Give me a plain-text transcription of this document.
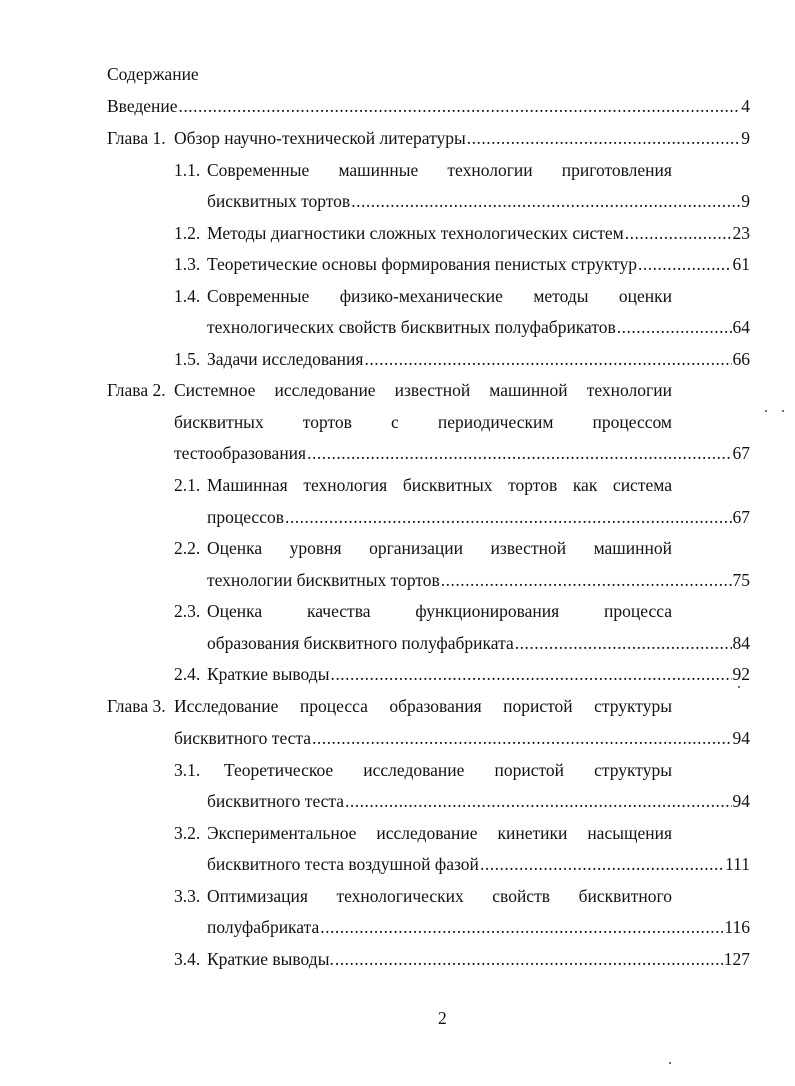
Содержание
Введение .....	4
Глава 1. Обзор научно-технической литературы .....	9
1.1. Современные машинные технологии приготовления
бисквитных тортов .....	9
1.2. Методы диагностики сложных технологических систем .....	23
1.3. Теоретические основы формирования пенистых структур .....	61
1.4. Современные физико-механические методы оценки
технологических свойств бисквитных полуфабрикатов .....	64
1.5. Задачи исследования .....	66
Глава 2. Системное исследование известной машинной технологии
бисквитных тортов с периодическим процессом
тестообразования .....	67
2.1. Машинная технология бисквитных тортов как система
процессов .....	67
2.2. Оценка уровня организации известной машинной
технологии бисквитных тортов .....	75
2.3. Оценка	качества	функционирования	процесса
образования бисквитного полуфабриката .....	84
2.4. Краткие выводы .....	92
Глава 3. Исследование процесса образования пористой структуры
бисквитного теста .....	94
3.1. Теоретическое исследование пористой структуры
бисквитного теста .....	94
3.2. Экспериментальное исследование кинетики насыщения
бисквитного теста воздушной фазой .....	111
3.3. Оптимизация технологических свойств бисквитного
полуфабриката .....	116
3.4. Краткие выводы. .....	127
2
